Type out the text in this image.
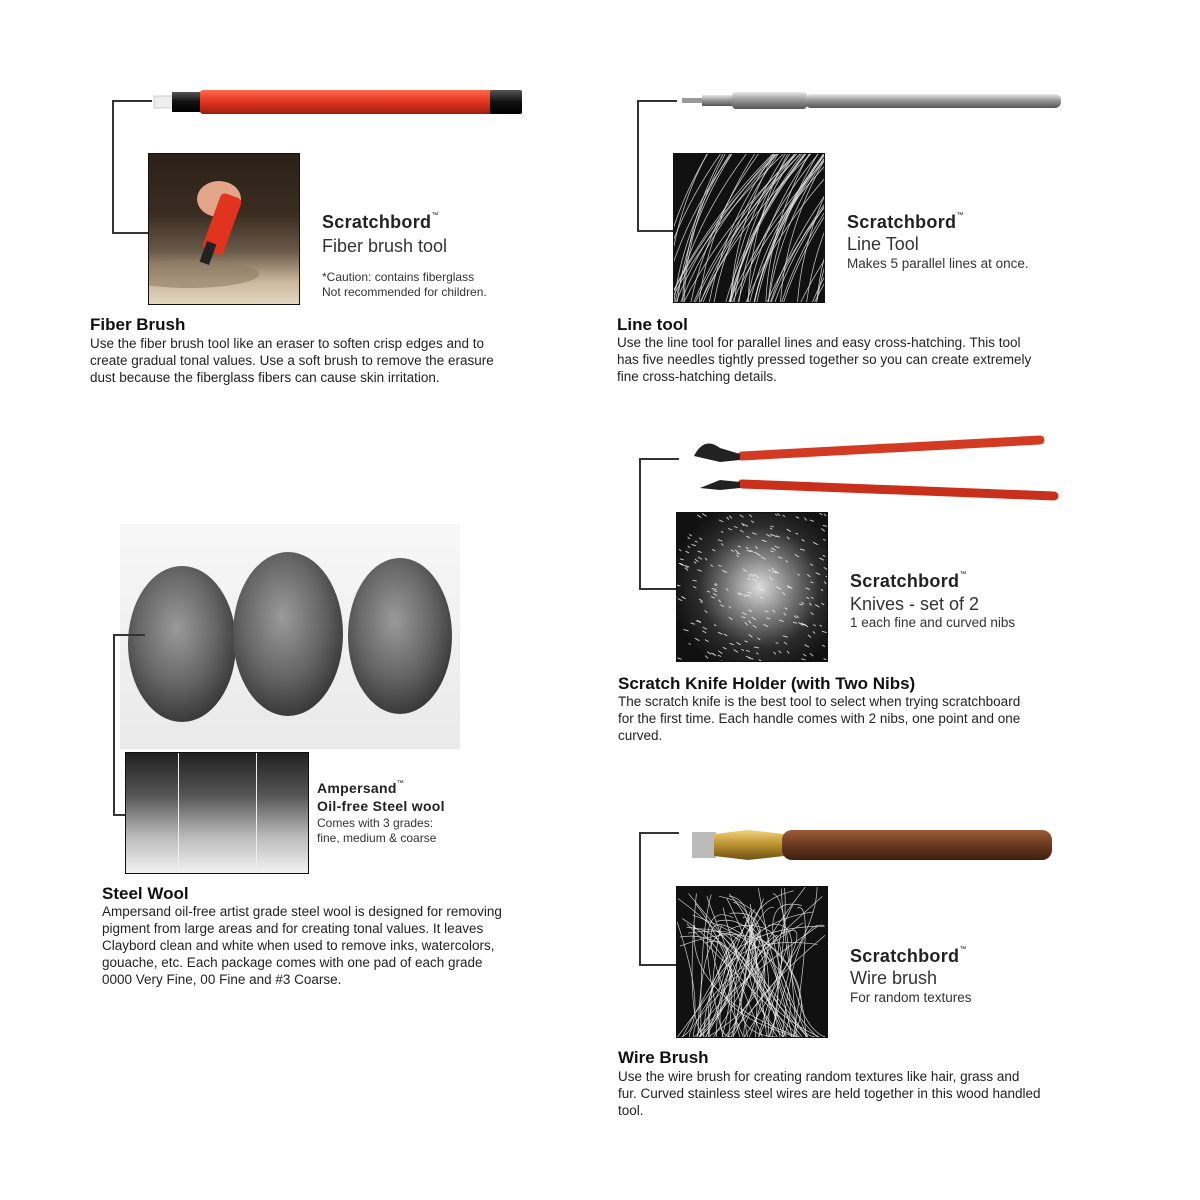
Scratchbord™
Fiber brush tool
*Caution: contains fiberglass
Not recommended for children.
Fiber Brush
Use the fiber brush tool like an eraser to soften crisp edges and to
create gradual tonal values. Use a soft brush to remove the erasure
dust because the fiberglass fibers can cause skin irritation.
Scratchbord™
Line Tool
Makes 5 parallel lines at once.
Line tool
Use the line tool for parallel lines and easy cross-hatching. This tool
has five needles tightly pressed together so you can create extremely
fine cross-hatching details.
Scratchbord™
Knives - set of 2
1 each fine and curved nibs
Scratch Knife Holder (with Two Nibs)
The scratch knife is the best tool to select when trying scratchboard
for the first time. Each handle comes with 2 nibs, one point and one
curved.
Ampersand™
Oil-free Steel wool
Comes with 3 grades:
fine, medium & coarse
Steel Wool
Ampersand oil-free artist grade steel wool is designed for removing
pigment from large areas and for creating tonal values. It leaves
Claybord clean and white when used to remove inks, watercolors,
gouache, etc. Each package comes with one pad of each grade
0000 Very Fine, 00 Fine and #3 Coarse.
Scratchbord™
Wire brush
For random textures
Wire Brush
Use the wire brush for creating random textures like hair, grass and
fur. Curved stainless steel wires are held together in this wood handled
tool.
